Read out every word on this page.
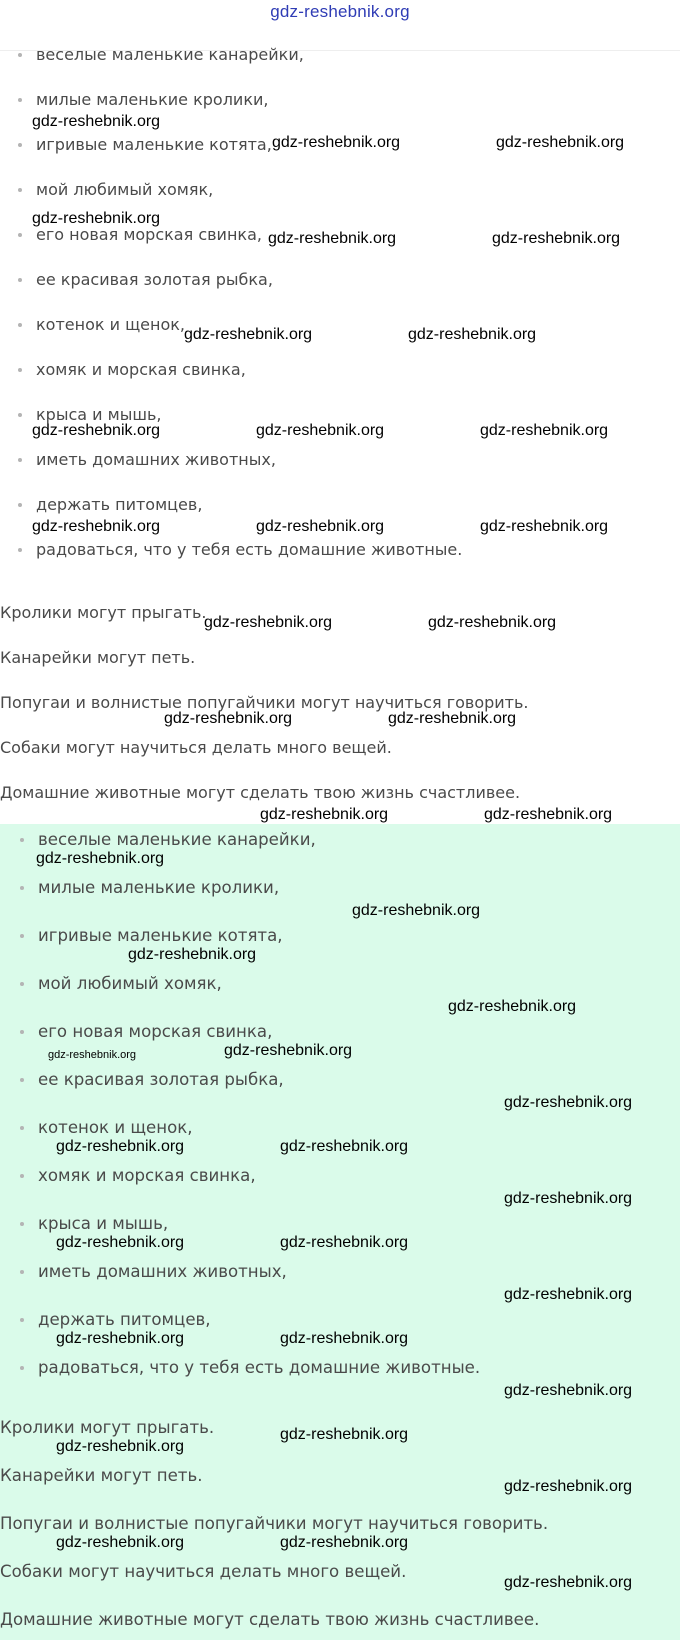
веселые маленькие канарейки,
милые маленькие кролики,
игривые маленькие котята,
мой любимый хомяк,
его новая морская свинка,
ее красивая золотая рыбка,
котенок и щенок,
хомяк и морская свинка,
крыса и мышь,
иметь домашних животных,
держать питомцев,
радоваться, что у тебя есть домашние животные.
Кролики могут прыгать.
Канарейки могут петь.
Попугаи и волнистые попугайчики могут научиться говорить.
Собаки могут научиться делать много вещей.
Домашние животные могут сделать твою жизнь счастливее.
веселые маленькие канарейки,
милые маленькие кролики,
игривые маленькие котята,
мой любимый хомяк,
его новая морская свинка,
ее красивая золотая рыбка,
котенок и щенок,
хомяк и морская свинка,
крыса и мышь,
иметь домашних животных,
держать питомцев,
радоваться, что у тебя есть домашние животные.
Кролики могут прыгать.
Канарейки могут петь.
Попугаи и волнистые попугайчики могут научиться говорить.
Собаки могут научиться делать много вещей.
Домашние животные могут сделать твою жизнь счастливее.
gdz-reshebnik.org
gdz-reshebnik.org
gdz-reshebnik.org	gdz-reshebnik.org
gdz-reshebnik.org
gdz-reshebnik.org	gdz-reshebnik.org
gdz-reshebnik.org	gdz-reshebnik.org
gdz-reshebnik.org	gdz-reshebnik.org	gdz-reshebnik.org
gdz-reshebnik.org	gdz-reshebnik.org	gdz-reshebnik.org
gdz-reshebnik.org	gdz-reshebnik.org
gdz-reshebnik.org	gdz-reshebnik.org
gdz-reshebnik.org	gdz-reshebnik.org
gdz-reshebnik.org
gdz-reshebnik.org
gdz-reshebnik.org
gdz-reshebnik.org
gdz-reshebnik.org	gdz-reshebnik.org
gdz-reshebnik.org
gdz-reshebnik.org	gdz-reshebnik.org
gdz-reshebnik.org
gdz-reshebnik.org	gdz-reshebnik.org
gdz-reshebnik.org
gdz-reshebnik.org	gdz-reshebnik.org
gdz-reshebnik.org
gdz-reshebnik.org
gdz-reshebnik.org
gdz-reshebnik.org
gdz-reshebnik.org	gdz-reshebnik.org
gdz-reshebnik.org
